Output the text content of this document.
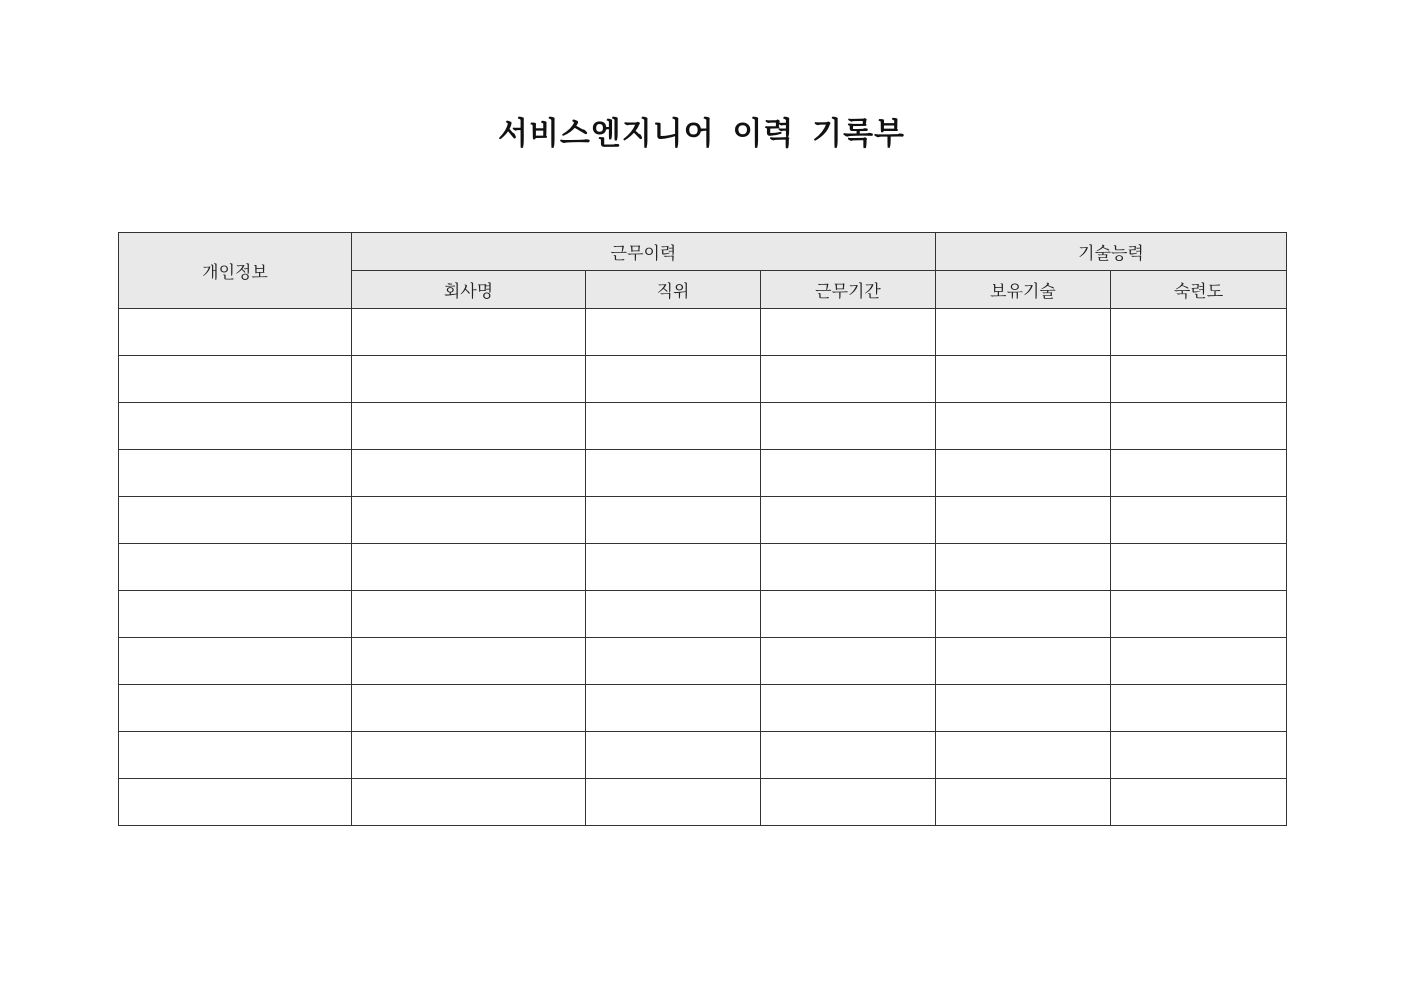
서비스엔지니어 이력 기록부
개인정보	근무이력			기술능력	
	회사명	직위	근무기간	보유기술	숙련도
